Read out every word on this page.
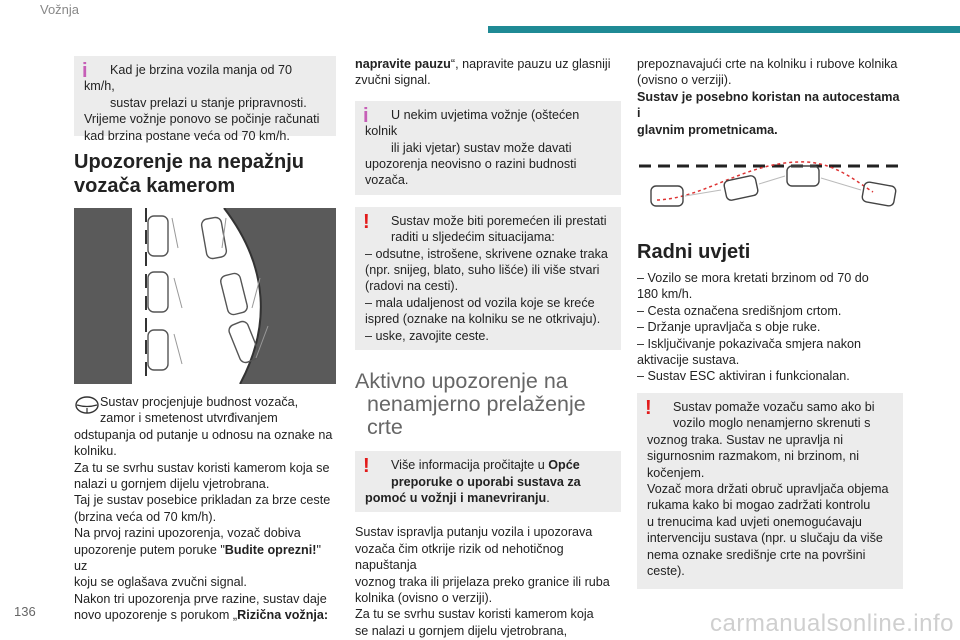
Vožnja
136
i	Kad je brzina vozila manja od 70 km/h,

sustav prelazi u stanje pripravnosti.

Vrijeme vožnje ponovo se počinje računati

kad brzina postane veća od 70 km/h.

Upozorenje na nepažnju
vozača kamerom

Sustav procjenjuje budnost vozača,

zamor i smetenost utvrđivanjem

odstupanja od putanje u odnosu na oznake na

kolniku.

Za tu se svrhu sustav koristi kamerom koja se

nalazi u gornjem dijelu vjetrobrana.

Taj je sustav posebice prikladan za brze ceste

(brzina veća od 70 km/h).

Na prvoj razini upozorenja, vozač dobiva

upozorenje putem poruke "Budite oprezni!" uz

koju se oglašava zvučni signal.

Nakon tri upozorenja prve razine, sustav daje

novo upozorenje s porukom „Rizična vožnja:

napravite pauzu“, napravite pauzu uz glasniji

zvučni signal.

i	U nekim uvjetima vožnje (oštećen kolnik

ili jaki vjetar) sustav može davati

upozorenja neovisno o razini budnosti

vozača.

!	Sustav može biti poremećen ili prestati

raditi u sljedećim situacijama:

– odsutne, istrošene, skrivene oznake traka

(npr. snijeg, blato, suho lišće) ili više stvari

(radovi na cesti).

– mala udaljenost od vozila koje se kreće

ispred (oznake na kolniku se ne otkrivaju).

– uske, zavojite ceste.

Aktivno upozorenje na
nenamjerno prelaženje
crte
!	Više informacija pročitajte u Opće

preporuke o uporabi sustava za

pomoć u vožnji i manevriranju.

Sustav ispravlja putanju vozila i upozorava

vozača čim otkrije rizik od nehotičnog napuštanja

voznog traka ili prijelaza preko granice ili ruba

kolnika (ovisno o verziji).

Za tu se svrhu sustav koristi kamerom koja

se nalazi u gornjem dijelu vjetrobrana,

prepoznavajući crte na kolniku i rubove kolnika

(ovisno o verziji).

Sustav je posebno koristan na autocestama i

glavnim prometnicama.

Radni uvjeti

– Vozilo se mora kretati brzinom od 70 do

180 km/h.

– Cesta označena središnjom crtom.

– Držanje upravljača s obje ruke.

– Isključivanje pokazivača smjera nakon

aktivacije sustava.

– Sustav ESC aktiviran i funkcionalan.

!	Sustav pomaže vozaču samo ako bi

vozilo moglo nenamjerno skrenuti s

voznog traka. Sustav ne upravlja ni

sigurnosnim razmakom, ni brzinom, ni

kočenjem.

Vozač mora držati obruč upravljača objema

rukama kako bi mogao zadržati kontrolu

u trenucima kad uvjeti onemogućavaju

intervenciju sustava (npr. u slučaju da više

nema oznake središnje crte na površini

ceste).

carmanualsonline.info
